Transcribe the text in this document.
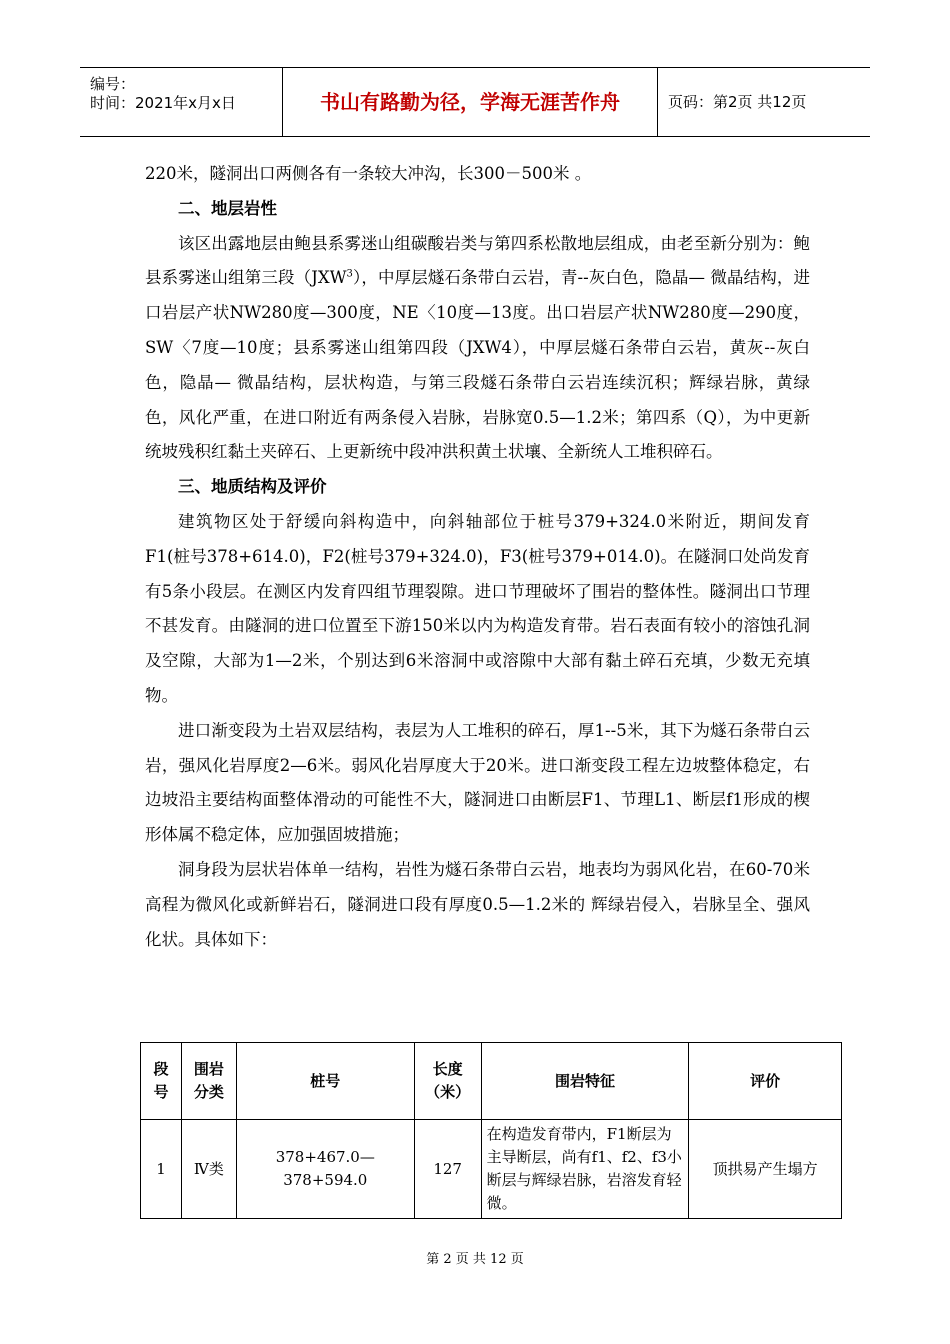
编号：
时间：2021年x月x日	书山有路勤为径，学海无涯苦作舟	页码：第2页 共12页

220米，隧洞出口两侧各有一条较大冲沟，长300－500米 。

二、地层岩性

该区出露地层由鲍县系雾迷山组碳酸岩类与第四系松散地层组成，由老至新分别为：鲍县系雾迷山组第三段（JXW$^3$），中厚层燧石条带白云岩，青--灰白色，隐晶— 微晶结构，进口岩层产状NW280度—300度，NE〈10度—13度。出口岩层产状NW280度—290度，SW〈7度—10度；县系雾迷山组第四段（JXW4），中厚层燧石条带白云岩，黄灰--灰白色，隐晶— 微晶结构，层状构造，与第三段燧石条带白云岩连续沉积；辉绿岩脉，黄绿色，风化严重，在进口附近有两条侵入岩脉，岩脉宽0.5—1.2米；第四系（Q），为中更新统坡残积红黏土夹碎石、上更新统中段冲洪积黄土状壤、全新统人工堆积碎石。

三、地质结构及评价

建筑物区处于舒缓向斜构造中，向斜轴部位于桩号379+324.0米附近，期间发育F1(桩号378+614.0)，F2(桩号379+324.0)，F3(桩号379+014.0)。在隧洞口处尚发育有5条小段层。在测区内发育四组节理裂隙。进口节理破坏了围岩的整体性。隧洞出口节理不甚发育。由隧洞的进口位置至下游150米以内为构造发育带。岩石表面有较小的溶蚀孔洞及空隙，大部为1—2米，个别达到6米溶洞中或溶隙中大部有黏土碎石充填，少数无充填物。

进口渐变段为土岩双层结构，表层为人工堆积的碎石，厚1--5米，其下为燧石条带白云岩，强风化岩厚度2—6米。弱风化岩厚度大于20米。进口渐变段工程左边坡整体稳定，右边坡沿主要结构面整体滑动的可能性不大，隧洞进口由断层F1、节理L1、断层f1形成的楔形体属不稳定体，应加强固坡措施；

洞身段为层状岩体单一结构，岩性为燧石条带白云岩，地表均为弱风化岩，在60-70米高程为微风化或新鲜岩石，隧洞进口段有厚度0.5—1.2米的 辉绿岩侵入，岩脉呈全、强风化状。具体如下：

段号	围岩分类	桩号	长度（米）	围岩特征	评价
1	Ⅳ类	378+467.0—378+594.0	127	在构造发育带内，F1断层为主导断层，尚有f1、f2、f3小断层与辉绿岩脉，岩溶发育轻微。	顶拱易产生塌方
第 2 页 共 12 页
